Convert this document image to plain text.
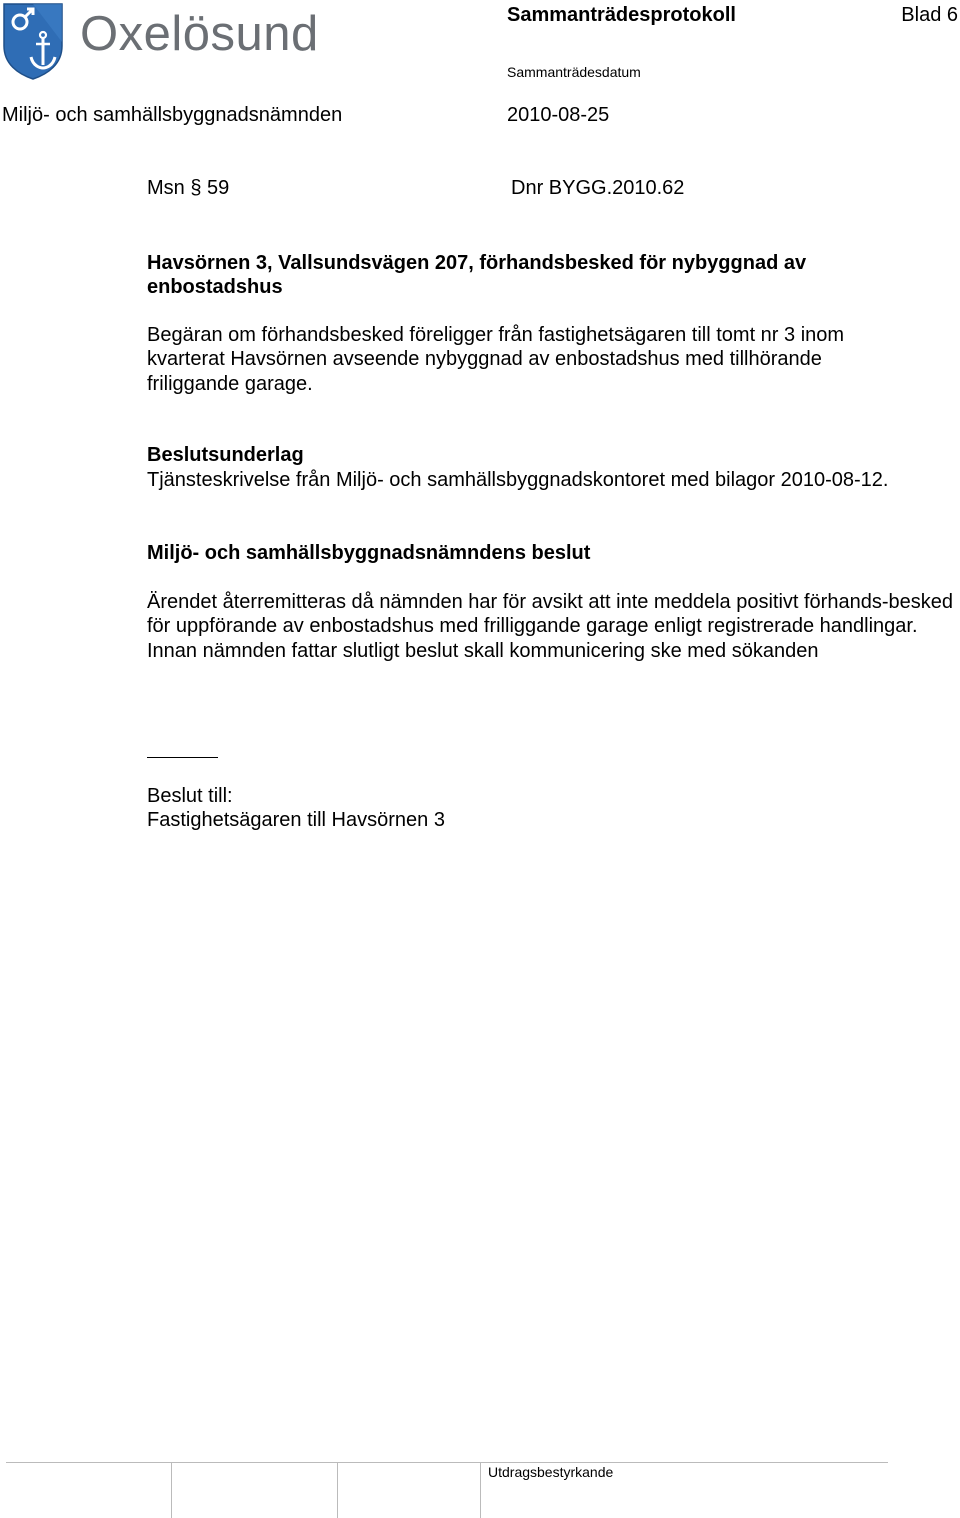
Oxelösund	Sammanträdesprotokoll	Blad 6
Sammanträdesdatum
Miljö- och samhällsbyggnadsnämnden	2010-08-25
Msn § 59	Dnr BYGG.2010.62
Havsörnen 3, Vallsundsvägen 207, förhandsbesked för nybyggnad av enbostadshus

Begäran om förhandsbesked föreligger från fastighetsägaren till tomt nr 3 inom kvarterat Havsörnen avseende nybyggnad av enbostadshus med tillhörande friliggande garage.

Beslutsunderlag
Tjänsteskrivelse från Miljö- och samhällsbyggnadskontoret med bilagor 2010-08-12.
Miljö- och samhällsbyggnadsnämndens beslut

Ärendet återremitteras då nämnden har för avsikt att inte meddela positivt förhands-besked för uppförande av enbostadshus med frilliggande garage enligt registrerade handlingar. Innan nämnden fattar slutligt beslut skall kommunicering ske med sökanden

Beslut till:
Fastighetsägaren till Havsörnen 3
Utdragsbestyrkande
